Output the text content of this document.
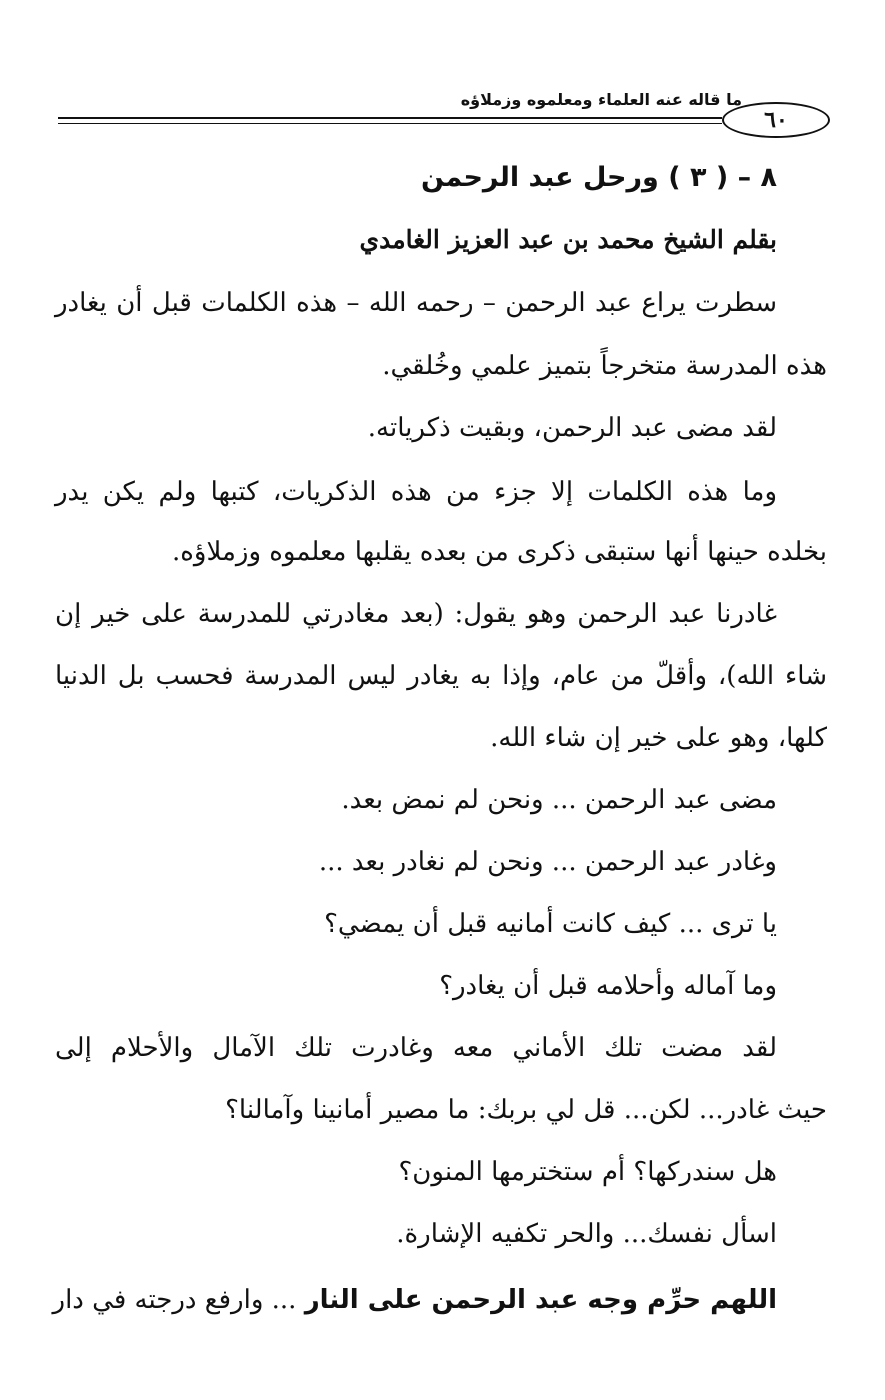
ما قاله عنه العلماء ومعلموه وزملاؤه
٦٠
٨ – ( ٣ ) ورحل عبد الرحمن
بقلم الشيخ محمد بن عبد العزيز الغامدي
سطرت يراع عبد الرحمن – رحمه الله – هذه الكلمات قبل أن يغادر
هذه المدرسة متخرجاً بتميز علمي وخُلقي.
لقد مضى عبد الرحمن، وبقيت ذكرياته.
وما هذه الكلمات إلا جزء من هذه الذكريات، كتبها ولم يكن يدر
بخلده حينها أنها ستبقى ذكرى من بعده يقلبها معلموه وزملاؤه.
غادرنا عبد الرحمن وهو يقول: (بعد مغادرتي للمدرسة على خير إن
شاء الله)، وأقلّ من عام، وإذا به يغادر ليس المدرسة فحسب بل الدنيا
كلها، وهو على خير إن شاء الله.
مضى عبد الرحمن ... ونحن لم نمض بعد.
وغادر عبد الرحمن ... ونحن لم نغادر بعد ...
يا ترى ... كيف كانت أمانيه قبل أن يمضي؟
وما آماله وأحلامه قبل أن يغادر؟
لقد مضت تلك الأماني معه وغادرت تلك الآمال والأحلام إلى
حيث غادر... لكن... قل لي بربك: ما مصير أمانينا وآمالنا؟
هل سندركها؟ أم ستخترمها المنون؟
اسأل نفسك... والحر تكفيه الإشارة.
اللهم حرِّم وجه عبد الرحمن على النار ... وارفع درجته في دار
